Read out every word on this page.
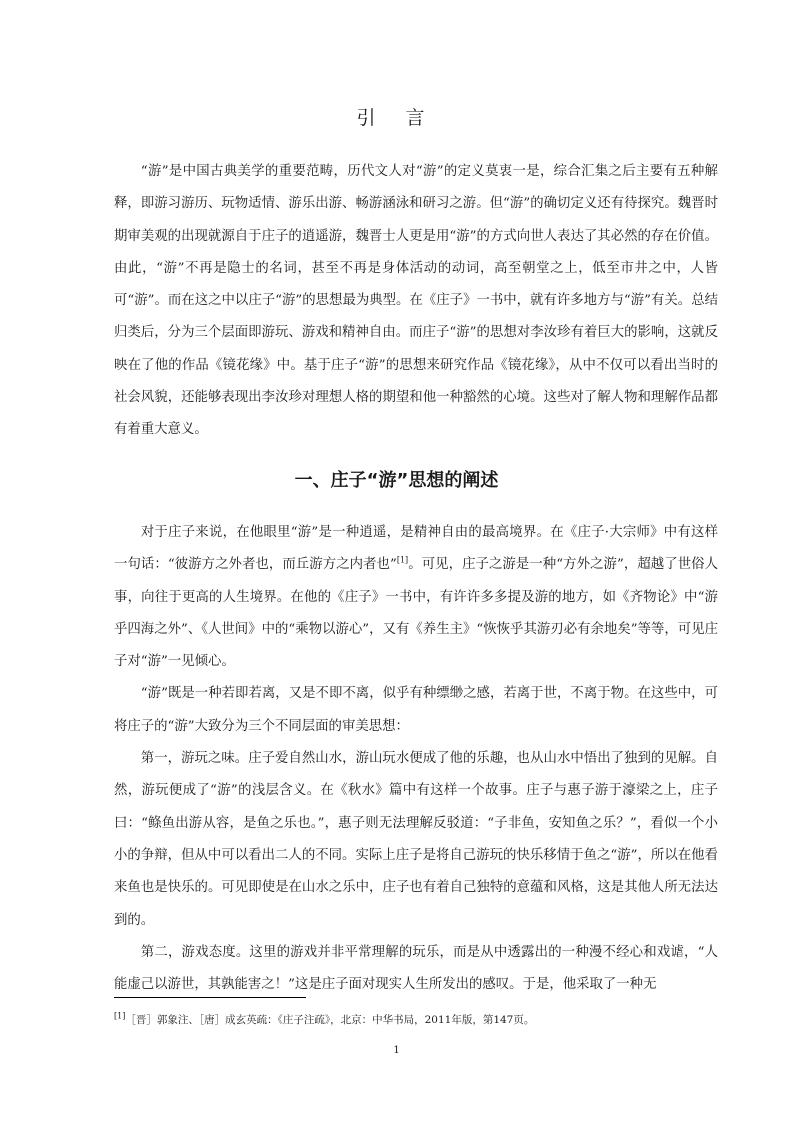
引 言

“游”是中国古典美学的重要范畴，历代文人对“游”的定义莫衷一是，综合汇集之后主要有五种解释，即游习游历、玩物适情、游乐出游、畅游涵泳和研习之游。但“游”的确切定义还有待探究。魏晋时期审美观的出现就源自于庄子的逍遥游，魏晋士人更是用“游”的方式向世人表达了其必然的存在价值。由此，“游”不再是隐士的名词，甚至不再是身体活动的动词，高至朝堂之上，低至市井之中，人皆可“游”。而在这之中以庄子“游”的思想最为典型。在《庄子》一书中，就有许多地方与“游”有关。总结归类后，分为三个层面即游玩、游戏和精神自由。而庄子“游”的思想对李汝珍有着巨大的影响，这就反映在了他的作品《镜花缘》中。基于庄子“游”的思想来研究作品《镜花缘》，从中不仅可以看出当时的社会风貌，还能够表现出李汝珍对理想人格的期望和他一种豁然的心境。这些对了解人物和理解作品都有着重大意义。

一、庄子“游”思想的阐述

对于庄子来说，在他眼里“游”是一种逍遥，是精神自由的最高境界。在《庄子·大宗师》中有这样一句话：“彼游方之外者也，而丘游方之内者也”[1]。可见，庄子之游是一种“方外之游”，超越了世俗人事，向往于更高的人生境界。在他的《庄子》一书中，有许许多多提及游的地方，如《齐物论》中“游乎四海之外”、《人世间》中的“乘物以游心”，又有《养生主》“恢恢乎其游刃必有余地矣”等等，可见庄子对“游”一见倾心。

“游”既是一种若即若离，又是不即不离，似乎有种缥缈之感，若离于世，不离于物。在这些中，可将庄子的“游”大致分为三个不同层面的审美思想：

第一，游玩之味。庄子爱自然山水，游山玩水便成了他的乐趣，也从山水中悟出了独到的见解。自然，游玩便成了“游”的浅层含义。在《秋水》篇中有这样一个故事。庄子与惠子游于濠梁之上，庄子曰：“鲦鱼出游从容，是鱼之乐也。”，惠子则无法理解反驳道：“子非鱼，安知鱼之乐？”，看似一个小小的争辩，但从中可以看出二人的不同。实际上庄子是将自己游玩的快乐移情于鱼之“游”，所以在他看来鱼也是快乐的。可见即使是在山水之乐中，庄子也有着自己独特的意蕴和风格，这是其他人所无法达到的。

第二，游戏态度。这里的游戏并非平常理解的玩乐，而是从中透露出的一种漫不经心和戏谑，“人能虚己以游世，其孰能害之！”这是庄子面对现实人生所发出的感叹。于是，他采取了一种无

[1]［晋］郭象注、［唐］成玄英疏：《庄子注疏》，北京：中华书局，2011年版，第147页。

1
